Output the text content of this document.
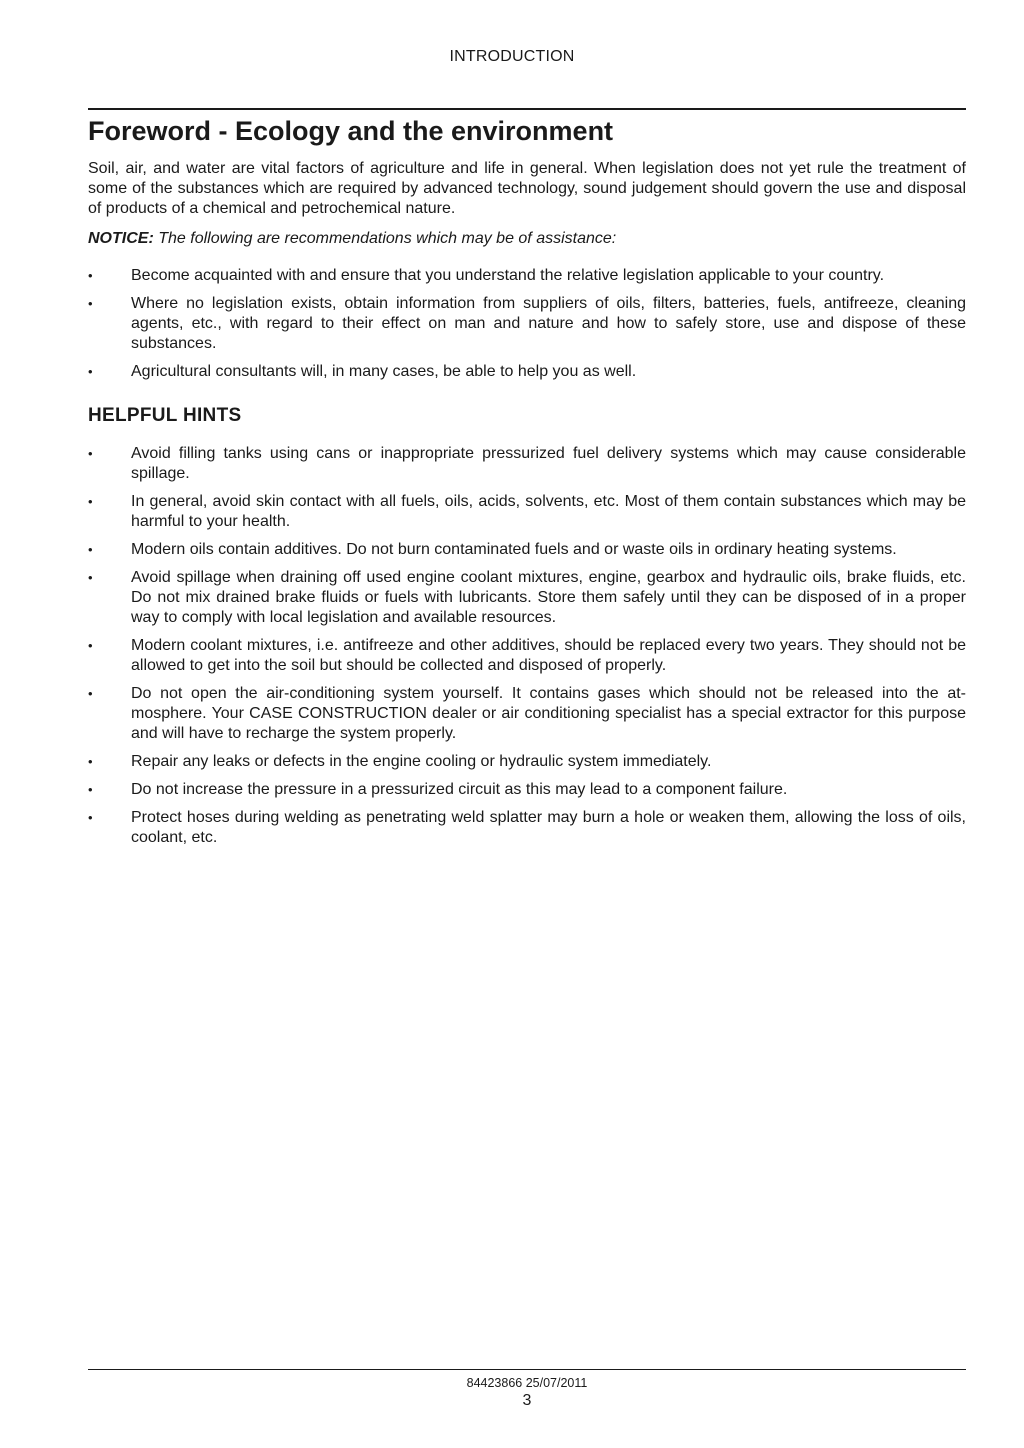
INTRODUCTION
Foreword - Ecology and the environment

Soil, air, and water are vital factors of agriculture and life in general. When legislation does not yet rule the treatment of some of the substances which are required by advanced technology, sound judgement should govern the use and disposal of products of a chemical and petrochemical nature.

NOTICE: The following are recommendations which may be of assistance:

•	Become acquainted with and ensure that you understand the relative legislation applicable to your country.
•	Where no legislation exists, obtain information from suppliers of oils, filters, batteries, fuels, antifreeze, cleaning agents, etc., with regard to their effect on man and nature and how to safely store, use and dispose of these substances.
•	Agricultural consultants will, in many cases, be able to help you as well.
HELPFUL HINTS
•	Avoid filling tanks using cans or inappropriate pressurized fuel delivery systems which may cause considerable spillage.
•	In general, avoid skin contact with all fuels, oils, acids, solvents, etc. Most of them contain substances which may be harmful to your health.
•	Modern oils contain additives. Do not burn contaminated fuels and or waste oils in ordinary heating systems.
•	Avoid spillage when draining off used engine coolant mixtures, engine, gearbox and hydraulic oils, brake fluids, etc. Do not mix drained brake fluids or fuels with lubricants. Store them safely until they can be disposed of in a proper way to comply with local legislation and available resources.
•	Modern coolant mixtures, i.e. antifreeze and other additives, should be replaced every two years. They should not be allowed to get into the soil but should be collected and disposed of properly.
•	Do not open the air-conditioning system yourself. It contains gases which should not be released into the at- mosphere. Your CASE CONSTRUCTION dealer or air conditioning specialist has a special extractor for this purpose and will have to recharge the system properly.
•	Repair any leaks or defects in the engine cooling or hydraulic system immediately.
•	Do not increase the pressure in a pressurized circuit as this may lead to a component failure.
•	Protect hoses during welding as penetrating weld splatter may burn a hole or weaken them, allowing the loss of oils, coolant, etc.
84423866 25/07/2011
3
